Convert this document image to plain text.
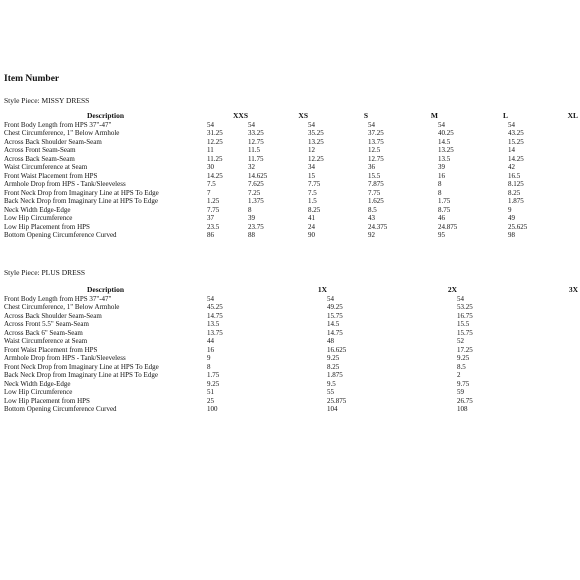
Item Number
Style Piece: MISSY DRESS
Description	XXS	XS	S	M	L	XL
Front Body Length from HPS 37"-47"	54	54	54	54	54	54
Chest Circumference, 1" Below Armhole	31.25	33.25	35.25	37.25	40.25	43.25
Across Back Shoulder Seam-Seam	12.25	12.75	13.25	13.75	14.5	15.25
Across Front Seam-Seam	11	11.5	12	12.5	13.25	14
Across Back Seam-Seam	11.25	11.75	12.25	12.75	13.5	14.25
Waist Circumference at Seam	30	32	34	36	39	42
Front Waist Placement from HPS	14.25	14.625	15	15.5	16	16.5
Armhole Drop from HPS - Tank/Sleeveless	7.5	7.625	7.75	7.875	8	8.125
Front Neck Drop from Imaginary Line at HPS To Edge	7	7.25	7.5	7.75	8	8.25
Back Neck Drop from Imaginary Line at HPS To Edge	1.25	1.375	1.5	1.625	1.75	1.875
Neck Width Edge-Edge	7.75	8	8.25	8.5	8.75	9
Low Hip Circumference	37	39	41	43	46	49
Low Hip Placement from HPS	23.5	23.75	24	24.375	24.875	25.625
Bottom Opening Circumference Curved	86	88	90	92	95	98
Style Piece: PLUS DRESS
Description	1X	2X	3X
Front Body Length from HPS 37"-47"	54	54	54
Chest Circumference, 1" Below Armhole	45.25	49.25	53.25
Across Back Shoulder Seam-Seam	14.75	15.75	16.75
Across Front 5.5" Seam-Seam	13.5	14.5	15.5
Across Back 6" Seam-Seam	13.75	14.75	15.75
Waist Circumference at Seam	44	48	52
Front Waist Placement from HPS	16	16.625	17.25
Armhole Drop from HPS - Tank/Sleeveless	9	9.25	9.25
Front Neck Drop from Imaginary Line at HPS To Edge	8	8.25	8.5
Back Neck Drop from Imaginary Line at HPS To Edge	1.75	1.875	2
Neck Width Edge-Edge	9.25	9.5	9.75
Low Hip Circumference	51	55	59
Low Hip Placement from HPS	25	25.875	26.75
Bottom Opening Circumference Curved	100	104	108
